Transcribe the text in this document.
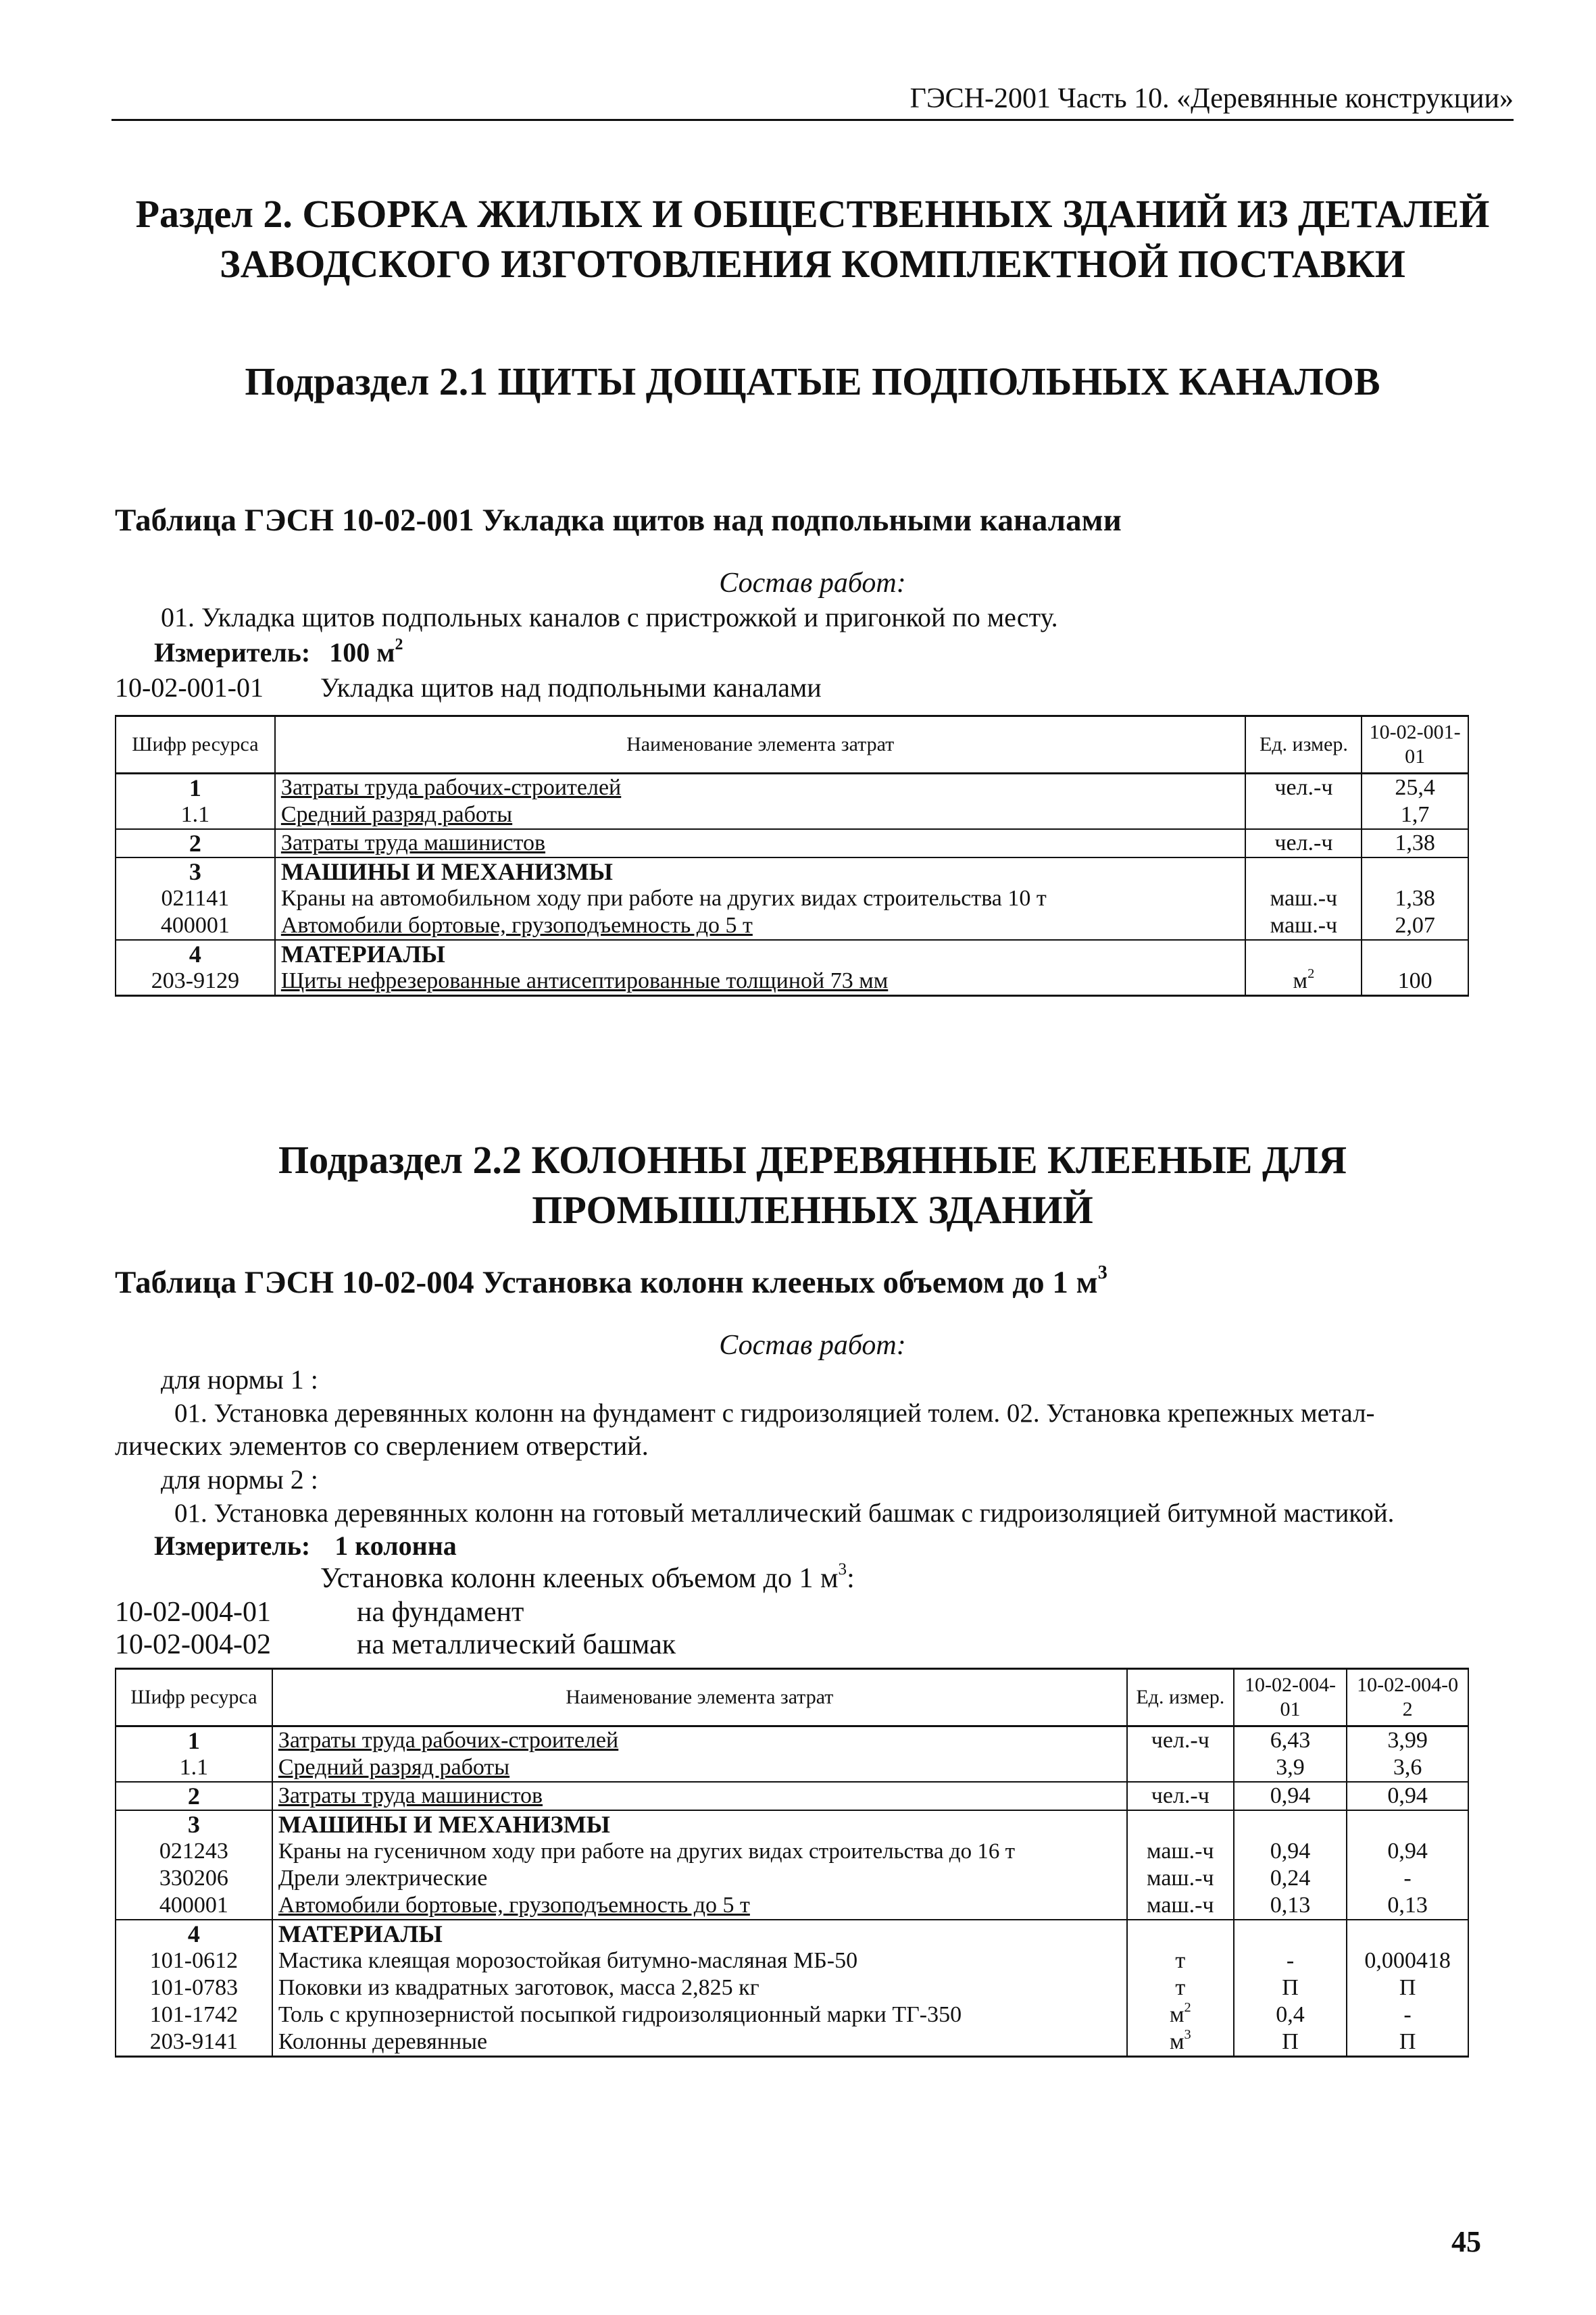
ГЭСН-2001 Часть 10. «Деревянные конструкции»
Раздел 2. СБОРКА ЖИЛЫХ И ОБЩЕСТВЕННЫХ ЗДАНИЙ ИЗ ДЕТАЛЕЙ
ЗАВОДСКОГО ИЗГОТОВЛЕНИЯ КОМПЛЕКТНОЙ ПОСТАВКИ
Подраздел 2.1 ЩИТЫ ДОЩАТЫЕ ПОДПОЛЬНЫХ КАНАЛОВ
Таблица ГЭСН 10-02-001 Укладка щитов над подпольными каналами
Состав работ:
01. Укладка щитов подпольных каналов с пристрожкой и пригонкой по месту.
Измеритель: 100 $м^2$
10-02-001-01 Укладка щитов над подпольными каналами
Шифр ресурса	Наименование элемента затрат	Ед. измер.	10-02-001-01
1	Затраты труда рабочих-строителей	чел.-ч	25,4
1.1	Средний разряд работы		1,7
2	Затраты труда машинистов	чел.-ч	1,38
3	МАШИНЫ И МЕХАНИЗМЫ		
021141	Краны на автомобильном ходу при работе на других видах строительства 10 т	маш.-ч	1,38
400001	Автомобили бортовые, грузоподъемность до 5 т	маш.-ч	2,07
4	МАТЕРИАЛЫ		
203-9129	Щиты нефрезерованные антисептированные толщиной 73 мм	$м^2$	100
Подраздел 2.2 КОЛОННЫ ДЕРЕВЯННЫЕ КЛЕЕНЫЕ ДЛЯ
ПРОМЫШЛЕННЫХ ЗДАНИЙ
Таблица ГЭСН 10-02-004 Установка колонн клееных объемом до 1 $м^3$
Состав работ:
для нормы 1 :
01. Установка деревянных колонн на фундамент с гидроизоляцией толем. 02. Установка крепежных метал-
лических элементов со сверлением отверстий.
для нормы 2 :
01. Установка деревянных колонн на готовый металлический башмак с гидроизоляцией битумной мастикой.
Измеритель: 1 колонна
Установка колонн клееных объемом до 1 $м^3$:
10-02-004-01	на фундамент
10-02-004-02	на металлический башмак
Шифр ресурса	Наименование элемента затрат	Ед. измер.	10-02-004-01	10-02-004-02
1	Затраты труда рабочих-строителей	чел.-ч	6,43	3,99
1.1	Средний разряд работы		3,9	3,6
2	Затраты труда машинистов	чел.-ч	0,94	0,94
3	МАШИНЫ И МЕХАНИЗМЫ			
021243	Краны на гусеничном ходу при работе на других видах строительства до 16 т	маш.-ч	0,94	0,94
330206	Дрели электрические	маш.-ч	0,24	-
400001	Автомобили бортовые, грузоподъемность до 5 т	маш.-ч	0,13	0,13
4	МАТЕРИАЛЫ			
101-0612	Мастика клеящая морозостойкая битумно-масляная МБ-50	т	-	0,000418
101-0783	Поковки из квадратных заготовок, масса 2,825 кг	т	П	П
101-1742	Толь с крупнозернистой посыпкой гидроизоляционный марки ТГ-350	$м^2$	0,4	-
203-9141	Колонны деревянные	$м^3$	П	П
45
